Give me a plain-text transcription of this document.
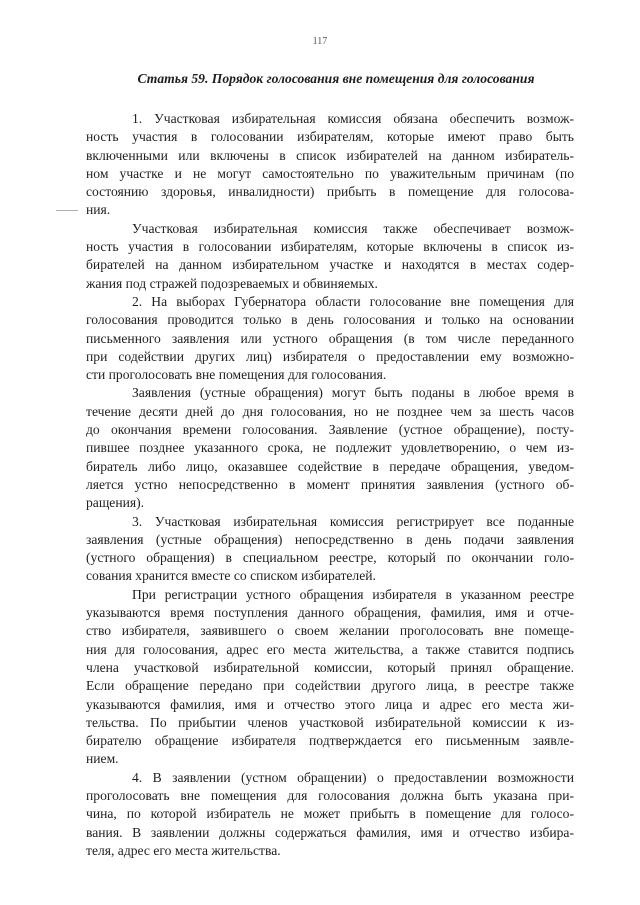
117
Статья 59. Порядок голосования вне помещения для голосования

1. Участковая избирательная комиссия обязана обеспечить возмож-
ность участия в голосовании избирателям, которые имеют право быть
включенными или включены в список избирателей на данном избиратель-
ном участке и не могут самостоятельно по уважительным причинам (по
состоянию здоровья, инвалидности) прибыть в помещение для голосова-
ния.

Участковая избирательная комиссия также обеспечивает возмож-
ность участия в голосовании избирателям, которые включены в список из-
бирателей на данном избирательном участке и находятся в местах содер-
жания под стражей подозреваемых и обвиняемых.

2. На выборах Губернатора области голосование вне помещения для
голосования проводится только в день голосования и только на основании
письменного заявления или устного обращения (в том числе переданного
при содействии других лиц) избирателя о предоставлении ему возможно-
сти проголосовать вне помещения для голосования.

Заявления (устные обращения) могут быть поданы в любое время в
течение десяти дней до дня голосования, но не позднее чем за шесть часов
до окончания времени голосования. Заявление (устное обращение), посту-
пившее позднее указанного срока, не подлежит удовлетворению, о чем из-
биратель либо лицо, оказавшее содействие в передаче обращения, уведом-
ляется устно непосредственно в момент принятия заявления (устного об-
ращения).

3. Участковая избирательная комиссия регистрирует все поданные
заявления (устные обращения) непосредственно в день подачи заявления
(устного обращения) в специальном реестре, который по окончании голо-
сования хранится вместе со списком избирателей.

При регистрации устного обращения избирателя в указанном реестре
указываются время поступления данного обращения, фамилия, имя и отче-
ство избирателя, заявившего о своем желании проголосовать вне помеще-
ния для голосования, адрес его места жительства, а также ставится подпись
члена участковой избирательной комиссии, который принял обращение.
Если обращение передано при содействии другого лица, в реестре также
указываются фамилия, имя и отчество этого лица и адрес его места жи-
тельства. По прибытии членов участковой избирательной комиссии к из-
бирателю обращение избирателя подтверждается его письменным заявле-
нием.

4. В заявлении (устном обращении) о предоставлении возможности
проголосовать вне помещения для голосования должна быть указана при-
чина, по которой избиратель не может прибыть в помещение для голосо-
вания. В заявлении должны содержаться фамилия, имя и отчество избира-
теля, адрес его места жительства.
